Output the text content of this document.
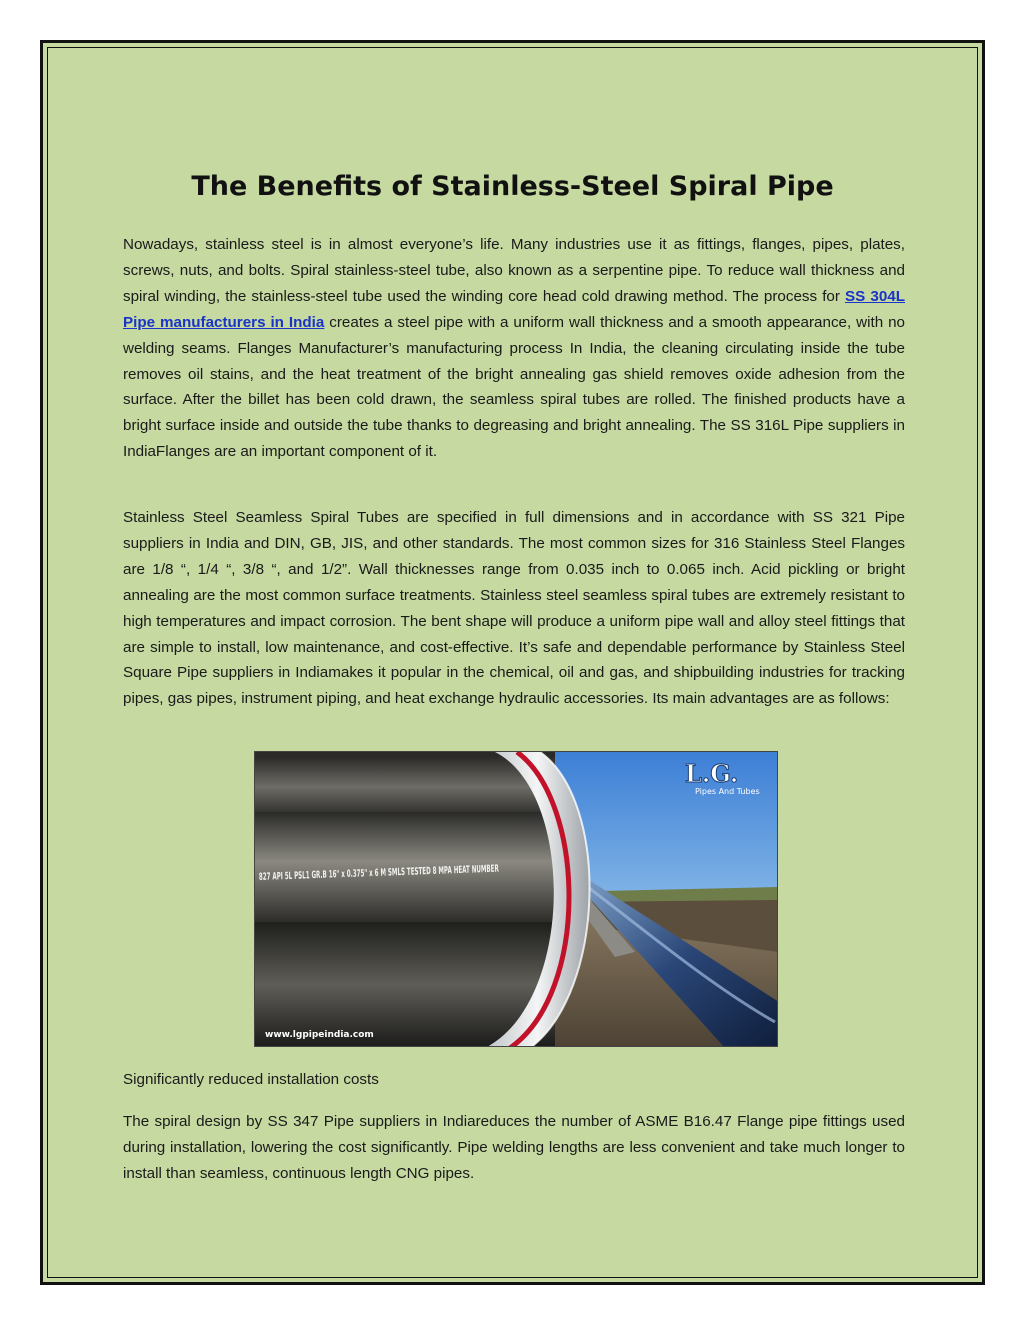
The Benefits of Stainless-Steel Spiral Pipe

Nowadays, stainless steel is in almost everyone’s life. Many industries use it as fittings, flanges, pipes, plates, screws, nuts, and bolts. Spiral stainless-steel tube, also known as a serpentine pipe. To reduce wall thickness and spiral winding, the stainless-steel tube used the winding core head cold drawing method. The process for SS 304L Pipe manufacturers in India creates a steel pipe with a uniform wall thickness and a smooth appearance, with no welding seams. Flanges Manufacturer’s manufacturing process In India, the cleaning circulating inside the tube removes oil stains, and the heat treatment of the bright annealing gas shield removes oxide adhesion from the surface. After the billet has been cold drawn, the seamless spiral tubes are rolled. The finished products have a bright surface inside and outside the tube thanks to degreasing and bright annealing. The SS 316L Pipe suppliers in IndiaFlanges are an important component of it.

Stainless Steel Seamless Spiral Tubes are specified in full dimensions and in accordance with SS 321 Pipe suppliers in India and DIN, GB, JIS, and other standards. The most common sizes for 316 Stainless Steel Flanges are 1/8 “, 1/4 “, 3/8 “, and 1/2”. Wall thicknesses range from 0.035 inch to 0.065 inch. Acid pickling or bright annealing are the most common surface treatments. Stainless steel seamless spiral tubes are extremely resistant to high temperatures and impact corrosion. The bent shape will produce a uniform pipe wall and alloy steel fittings that are simple to install, low maintenance, and cost-effective. It’s safe and dependable performance by Stainless Steel Square Pipe suppliers in Indiamakes it popular in the chemical, oil and gas, and shipbuilding industries for tracking pipes, gas pipes, instrument piping, and heat exchange hydraulic accessories. Its main advantages are as follows:

827 API 5L PSL1 GR.B 16" x 0.375" x 6 M SMLS TESTED 8 MPA HEAT NUMBER
L.G.
Pipes And Tubes
www.lgpipeindia.com

Significantly reduced installation costs

The spiral design by SS 347 Pipe suppliers in Indiareduces the number of ASME B16.47 Flange pipe fittings used during installation, lowering the cost significantly. Pipe welding lengths are less convenient and take much longer to install than seamless, continuous length CNG pipes.
